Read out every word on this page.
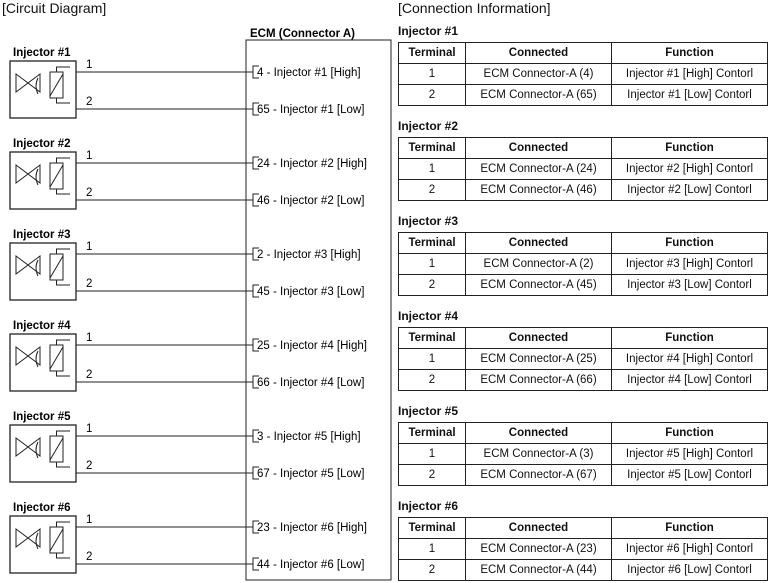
[Circuit Diagram]	[Connection Information]
ECM (Connector A)
Injector #1
1
4 - Injector #1 [High]
2
65 - Injector #1 [Low]
Injector #2
1
24 - Injector #2 [High]
2
46 - Injector #2 [Low]
Injector #3
1
2 - Injector #3 [High]
2
45 - Injector #3 [Low]
Injector #4
1
25 - Injector #4 [High]
2
66 - Injector #4 [Low]
Injector #5
1
3 - Injector #5 [High]
2
67 - Injector #5 [Low]
Injector #6
1
23 - Injector #6 [High]
2
44 - Injector #6 [Low]
Injector #1
Terminal	Connected	Function
1	ECM Connector-A (4)	Injector #1 [High] Contorl
2	ECM Connector-A (65)	Injector #1 [Low] Contorl
Injector #2
Terminal	Connected	Function
1	ECM Connector-A (24)	Injector #2 [High] Contorl
2	ECM Connector-A (46)	Injector #2 [Low] Contorl
Injector #3
Terminal	Connected	Function
1	ECM Connector-A (2)	Injector #3 [High] Contorl
2	ECM Connector-A (45)	Injector #3 [Low] Contorl
Injector #4
Terminal	Connected	Function
1	ECM Connector-A (25)	Injector #4 [High] Contorl
2	ECM Connector-A (66)	Injector #4 [Low] Contorl
Injector #5
Terminal	Connected	Function
1	ECM Connector-A (3)	Injector #5 [High] Contorl
2	ECM Connector-A (67)	Injector #5 [Low] Contorl
Injector #6
Terminal	Connected	Function
1	ECM Connector-A (23)	Injector #6 [High] Contorl
2	ECM Connector-A (44)	Injector #6 [Low] Contorl
